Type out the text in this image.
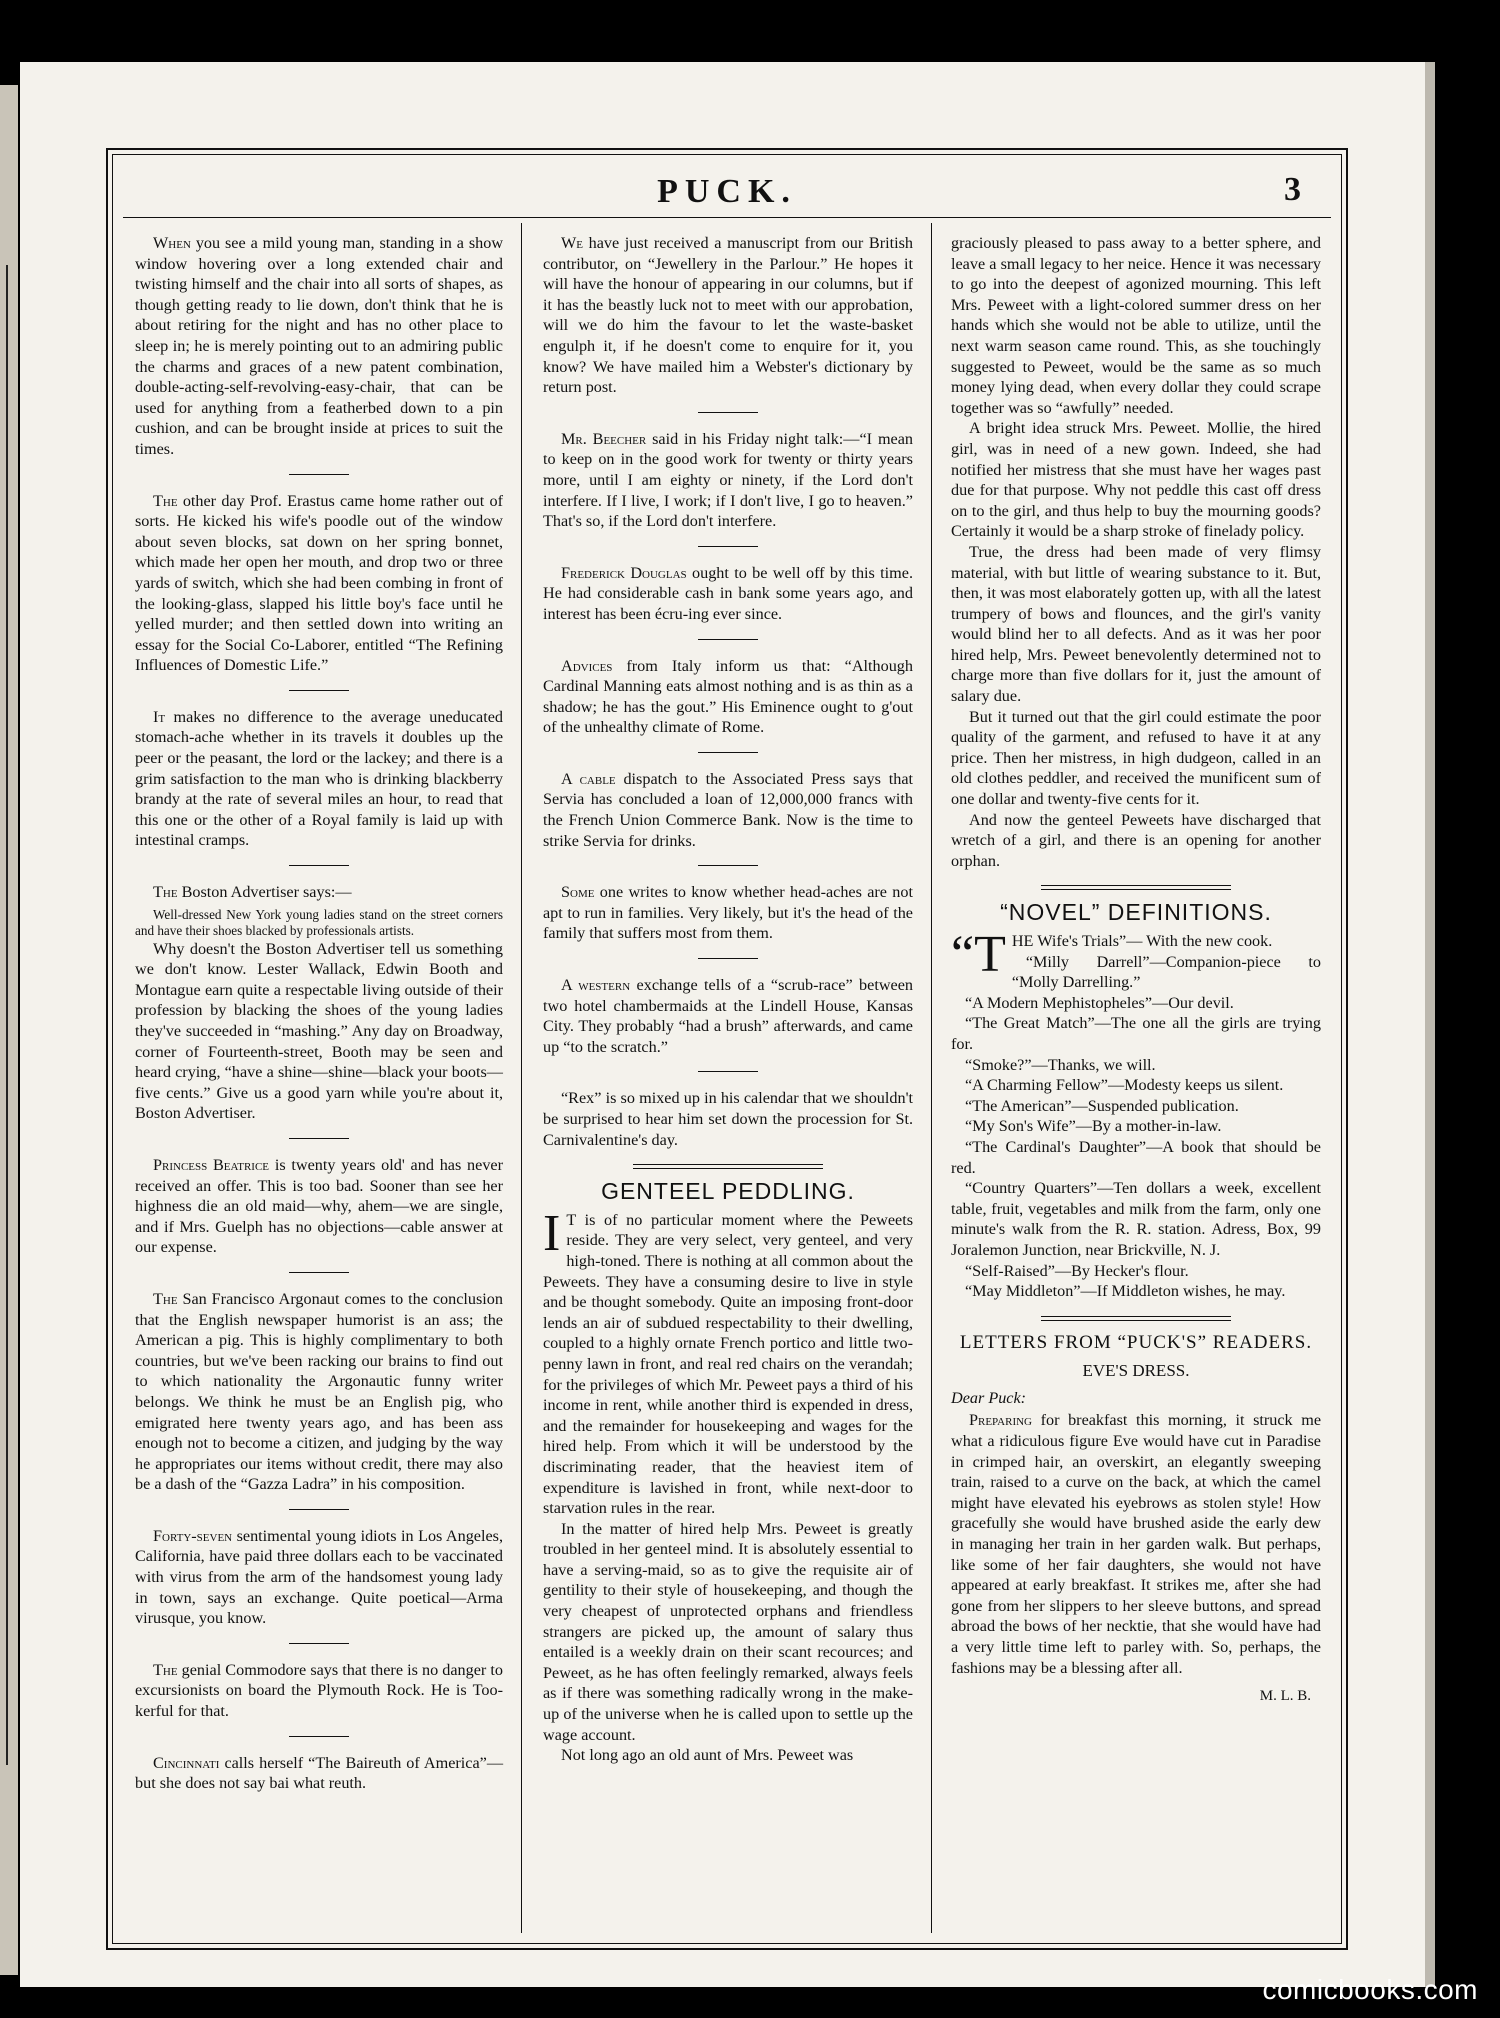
PUCK.	3

When you see a mild young man, standing in a show window hovering over a long extended chair and twisting himself and the chair into all sorts of shapes, as though getting ready to lie down, don't think that he is about retiring for the night and has no other place to sleep in; he is merely pointing out to an admiring public the charms and graces of a new patent combination, double-acting-self-revolving-easy-chair, that can be used for anything from a featherbed down to a pin cushion, and can be brought inside at prices to suit the times.

The other day Prof. Erastus came home rather out of sorts. He kicked his wife's poodle out of the window about seven blocks, sat down on her spring bonnet, which made her open her mouth, and drop two or three yards of switch, which she had been combing in front of the looking-glass, slapped his little boy's face until he yelled murder; and then settled down into writing an essay for the Social Co-Laborer, entitled “The Refining Influences of Domestic Life.”

It makes no difference to the average uneducated stomach-ache whether in its travels it doubles up the peer or the peasant, the lord or the lackey; and there is a grim satisfaction to the man who is drinking blackberry brandy at the rate of several miles an hour, to read that this one or the other of a Royal family is laid up with intestinal cramps.

The Boston Advertiser says:—

Well-dressed New York young ladies stand on the street corners and have their shoes blacked by professionals artists.

Why doesn't the Boston Advertiser tell us something we don't know. Lester Wallack, Edwin Booth and Montague earn quite a respectable living outside of their profession by blacking the shoes of the young ladies they've succeeded in “mashing.” Any day on Broadway, corner of Fourteenth-street, Booth may be seen and heard crying, “have a shine—shine—black your boots—five cents.” Give us a good yarn while you're about it, Boston Advertiser.

Princess Beatrice is twenty years old' and has never received an offer. This is too bad. Sooner than see her highness die an old maid—why, ahem—we are single, and if Mrs. Guelph has no objections—cable answer at our expense.

The San Francisco Argonaut comes to the conclusion that the English newspaper humorist is an ass; the American a pig. This is highly complimentary to both countries, but we've been racking our brains to find out to which nationality the Argonautic funny writer belongs. We think he must be an English pig, who emigrated here twenty years ago, and has been ass enough not to become a citizen, and judging by the way he appropriates our items without credit, there may also be a dash of the “Gazza Ladra” in his composition.

Forty-seven sentimental young idiots in Los Angeles, California, have paid three dollars each to be vaccinated with virus from the arm of the handsomest young lady in town, says an exchange. Quite poetical—Arma virusque, you know.

The genial Commodore says that there is no danger to excursionists on board the Plymouth Rock. He is Too-kerful for that.

Cincinnati calls herself “The Baireuth of America”—but she does not say bai what reuth.

We have just received a manuscript from our British contributor, on “Jewellery in the Parlour.” He hopes it will have the honour of appearing in our columns, but if it has the beastly luck not to meet with our approbation, will we do him the favour to let the waste-basket engulph it, if he doesn't come to enquire for it, you know? We have mailed him a Webster's dictionary by return post.

Mr. Beecher said in his Friday night talk:—“I mean to keep on in the good work for twenty or thirty years more, until I am eighty or ninety, if the Lord don't interfere. If I live, I work; if I don't live, I go to heaven.” That's so, if the Lord don't interfere.

Frederick Douglas ought to be well off by this time. He had considerable cash in bank some years ago, and interest has been écru-ing ever since.

Advices from Italy inform us that: “Although Cardinal Manning eats almost nothing and is as thin as a shadow; he has the gout.” His Eminence ought to g'out of the unhealthy climate of Rome.

A cable dispatch to the Associated Press says that Servia has concluded a loan of 12,000,000 francs with the French Union Commerce Bank. Now is the time to strike Servia for drinks.

Some one writes to know whether head-aches are not apt to run in families. Very likely, but it's the head of the family that suffers most from them.

A western exchange tells of a “scrub-race” between two hotel chambermaids at the Lindell House, Kansas City. They probably “had a brush” afterwards, and came up “to the scratch.”

“Rex” is so mixed up in his calendar that we shouldn't be surprised to hear him set down the procession for St. Carnivalentine's day.

GENTEEL PEDDLING.

I T is of no particular moment where the Peweets reside. They are very select, very genteel, and very high-toned. There is nothing at all common about the Peweets. They have a consuming desire to live in style and be thought somebody. Quite an imposing front-door lends an air of subdued respectability to their dwelling, coupled to a highly ornate French portico and little two-penny lawn in front, and real red chairs on the verandah; for the privileges of which Mr. Peweet pays a third of his income in rent, while another third is expended in dress, and the remainder for housekeeping and wages for the hired help. From which it will be understood by the discriminating reader, that the heaviest item of expenditure is lavished in front, while next-door to starvation rules in the rear.

In the matter of hired help Mrs. Peweet is greatly troubled in her genteel mind. It is absolutely essential to have a serving-maid, so as to give the requisite air of gentility to their style of housekeeping, and though the very cheapest of unprotected orphans and friendless strangers are picked up, the amount of salary thus entailed is a weekly drain on their scant recources; and Peweet, as he has often feelingly remarked, always feels as if there was something radically wrong in the make-up of the universe when he is called upon to settle up the wage account.

Not long ago an old aunt of Mrs. Peweet was

graciously pleased to pass away to a better sphere, and leave a small legacy to her neice. Hence it was necessary to go into the deepest of agonized mourning. This left Mrs. Peweet with a light-colored summer dress on her hands which she would not be able to utilize, until the next warm season came round. This, as she touchingly suggested to Peweet, would be the same as so much money lying dead, when every dollar they could scrape together was so “awfully” needed.

A bright idea struck Mrs. Peweet. Mollie, the hired girl, was in need of a new gown. Indeed, she had notified her mistress that she must have her wages past due for that purpose. Why not peddle this cast off dress on to the girl, and thus help to buy the mourning goods? Certainly it would be a sharp stroke of finelady policy.

True, the dress had been made of very flimsy material, with but little of wearing substance to it. But, then, it was most elaborately gotten up, with all the latest trumpery of bows and flounces, and the girl's vanity would blind her to all defects. And as it was her poor hired help, Mrs. Peweet benevolently determined not to charge more than five dollars for it, just the amount of salary due.

But it turned out that the girl could estimate the poor quality of the garment, and refused to have it at any price. Then her mistress, in high dudgeon, called in an old clothes peddler, and received the munificent sum of one dollar and twenty-five cents for it.

And now the genteel Peweets have discharged that wretch of a girl, and there is an opening for another orphan.

“NOVEL” DEFINITIONS.

“T HE Wife's Trials”— With the new cook.

“Milly Darrell”—Companion-piece to “Molly Darrelling.”

“A Modern Mephistopheles”—Our devil.

“The Great Match”—The one all the girls are trying for.

“Smoke?”—Thanks, we will.

“A Charming Fellow”—Modesty keeps us silent.

“The American”—Suspended publication.

“My Son's Wife”—By a mother-in-law.

“The Cardinal's Daughter”—A book that should be red.

“Country Quarters”—Ten dollars a week, excellent table, fruit, vegetables and milk from the farm, only one minute's walk from the R. R. station. Adress, Box, 99 Joralemon Junction, near Brickville, N. J.

“Self-Raised”—By Hecker's flour.

“May Middleton”—If Middleton wishes, he may.

LETTERS FROM “PUCK'S” READERS.
EVE'S DRESS.
Dear Puck:

Preparing for breakfast this morning, it struck me what a ridiculous figure Eve would have cut in Paradise in crimped hair, an overskirt, an elegantly sweeping train, raised to a curve on the back, at which the camel might have elevated his eyebrows as stolen style! How gracefully she would have brushed aside the early dew in managing her train in her garden walk. But perhaps, like some of her fair daughters, she would not have appeared at early breakfast. It strikes me, after she had gone from her slippers to her sleeve buttons, and spread abroad the bows of her necktie, that she would have had a very little time left to parley with. So, perhaps, the fashions may be a blessing after all.

M. L. B.
comicbooks.com
